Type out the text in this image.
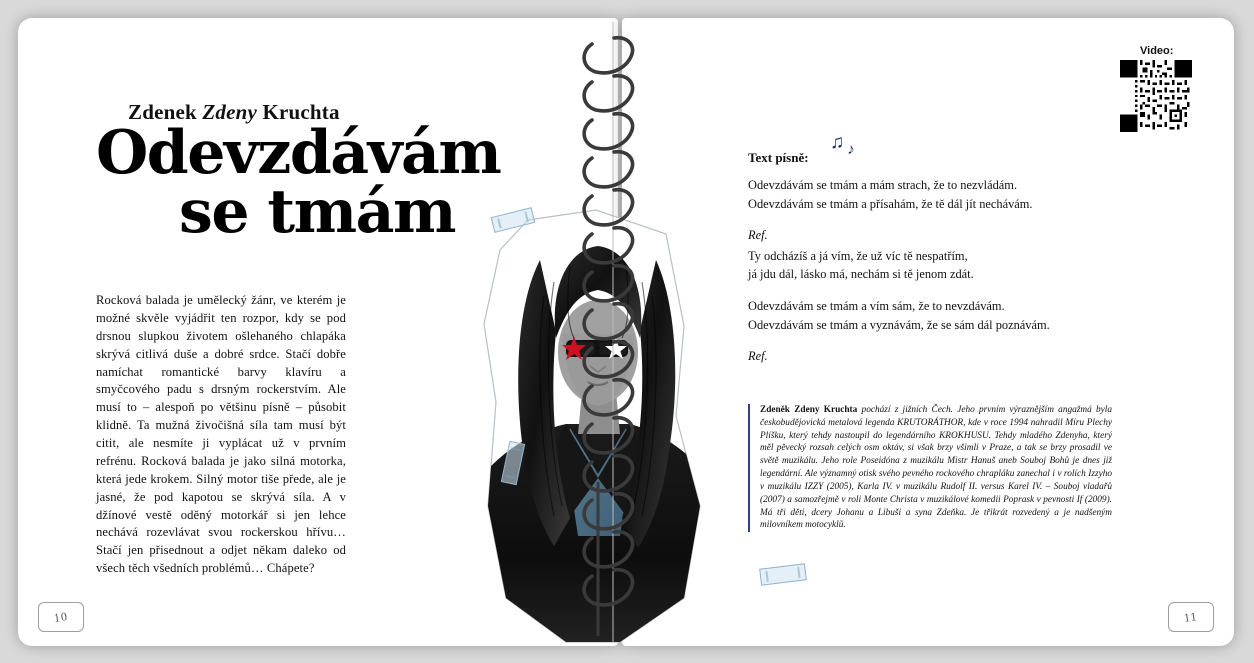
10	11
Zdenek Zdeny Kruchta
Odevzdávám
se tmám

Rocková balada je umělecký žánr, ve kterém je možné skvěle vyjádřit ten rozpor, kdy se pod drsnou slupkou životem ošlehaného chlapáka skrývá citlivá duše a dobré srdce. Stačí dobře namíchat romantické barvy klavíru a smyčcového padu s drsným rockerstvím. Ale musí to – alespoň po většinu písně – působit klidně. Ta mužná živočišná síla tam musí být citit, ale nesmíte ji vyplácat už v prvním refrénu. Rocková balada je jako silná motorka, která jede krokem. Silný motor tiše přede, ale je jasné, že pod kapotou se skrývá síla. A v džínové vestě oděný motorkář si jen lehce nechává rozevlávat svou rockerskou hřívu… Stačí jen přisednout a odjet někam daleko od všech těch všedních problémů… Chápete?

Text písně:
♫♪

Odevzdávám se tmám a mám strach, že to nezvládám.
Odevzdávám se tmám a přísahám, že tě dál jít nechávám.

Ref.

Ty odcházíš a já vím, že už víc tě nespatřím,
já jdu dál, lásko má, nechám si tě jenom zdát.

Odevzdávám se tmám a vím sám, že to nevzdávám.
Odevzdávám se tmám a vyznávám, že se sám dál poznávám.

Ref.

Zdeněk Zdeny Kruchta pochází z jižních Čech. Jeho prvním výraznějším angažmá byla českobudějovická metalová legenda KRUTORÁTHOR, kde v roce 1994 nahradil Míru Plechy Plíšku, který tehdy nastoupil do legendárního KROKHUSU. Tehdy mladého Zdenyha, který měl pěvecký rozsah celých osm oktáv, si však brzy všimli v Praze, a tak se brzy prosadil ve světě muzikálu. Jeho role Poseidóna z muzikálu Mistr Hanuš aneb Souboj Bohů je dnes již legendární. Ale významný otisk svého pevného rockového chrapláku zanechal i v rolích Izzyho v muzikálu IZZY (2005), Karla IV. v muzikálu Rudolf II. versus Karel IV. – Souboj vladařů (2007) a samozřejmě v roli Monte Christa v muzikálové komedii Poprask v pevnosti If (2009). Má tři děti, dcery Johanu a Libuši a syna Zdeňka. Je třikrát rozvedený a je nadšeným milovníkem motocyklů.
Video:
